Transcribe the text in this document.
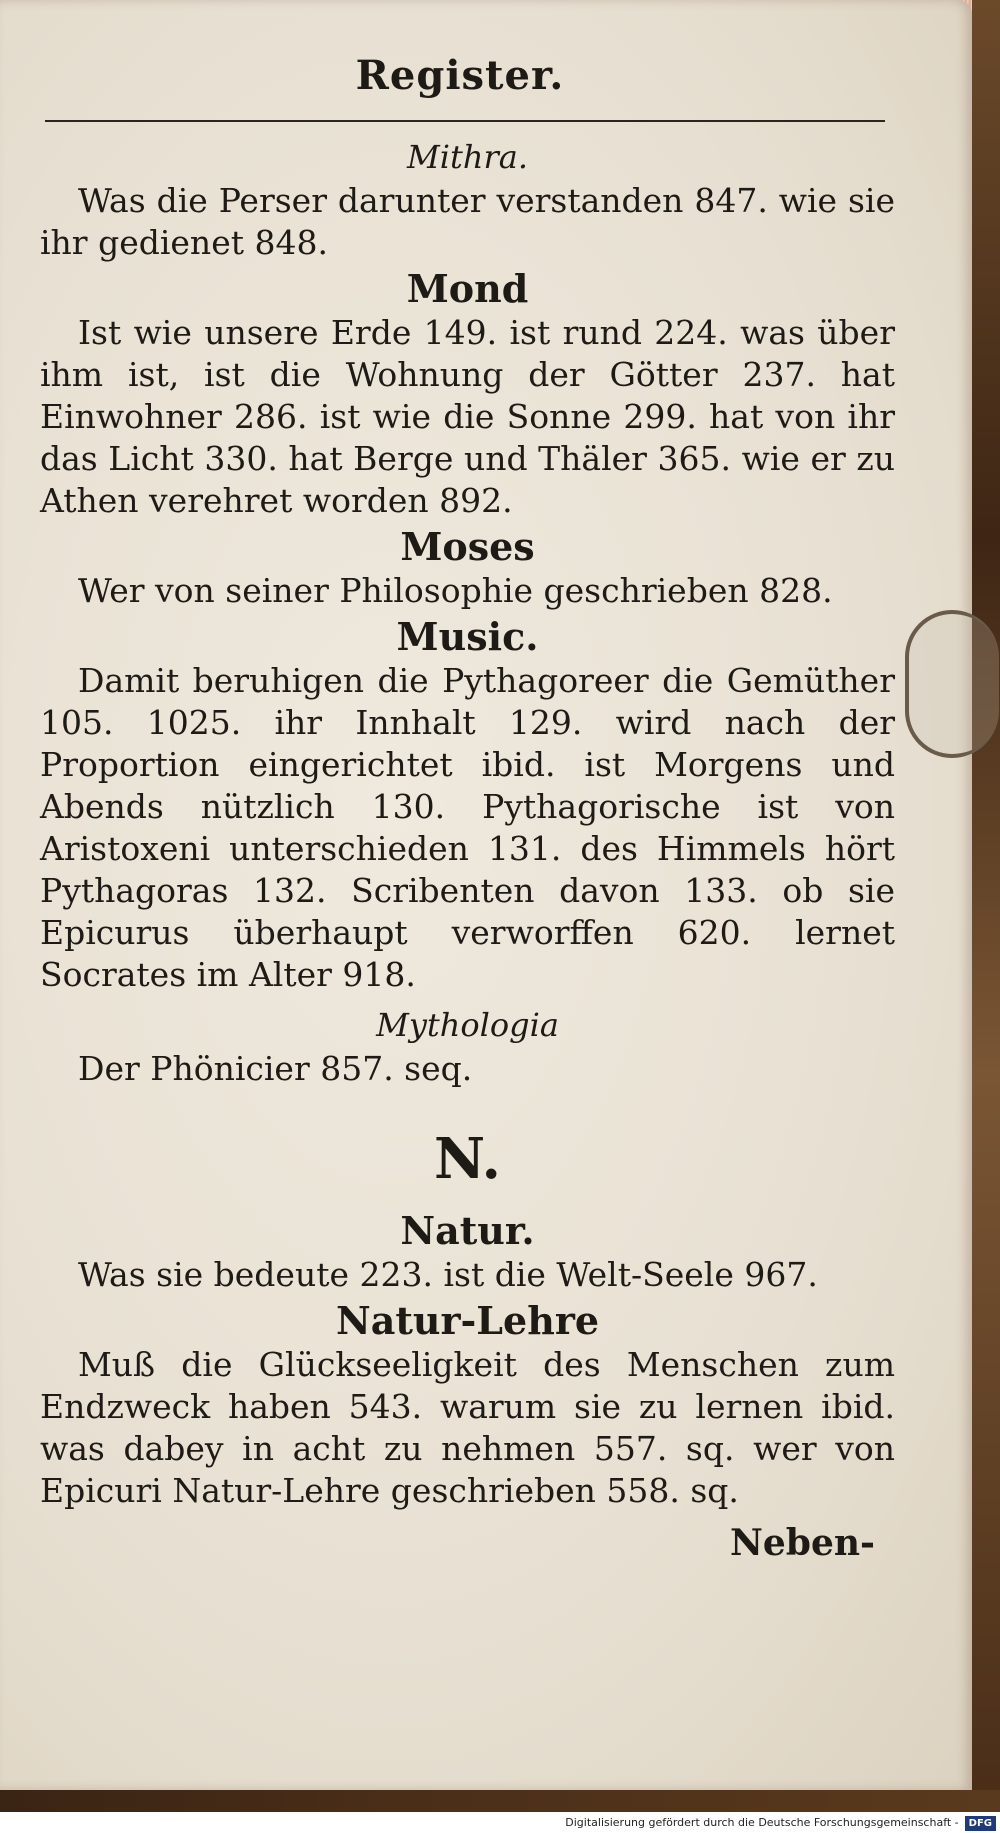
Register.
Mithra.
Was die Perser darunter verstanden 847. wie sie ihr gedienet 848.
Mond
Ist wie unsere Erde 149. ist rund 224. was über ihm ist, ist die Wohnung der Götter 237. hat Einwohner 286. ist wie die Sonne 299. hat von ihr das Licht 330. hat Berge und Thäler 365. wie er zu Athen verehret worden 892.
Moses
Wer von seiner Philosophie geschrieben 828.
Music.
Damit beruhigen die Pythagoreer die Gemüther 105. 1025. ihr Innhalt 129. wird nach der Proportion eingerichtet ibid. ist Morgens und Abends nützlich 130. Pythagorische ist von Aristoxeni unterschieden 131. des Himmels hört Pythagoras 132. Scribenten davon 133. ob sie Epicurus überhaupt verworffen 620. lernet Socrates im Alter 918.
Mythologia
Der Phönicier 857. seq.
N.
Natur.
Was sie bedeute 223. ist die Welt-Seele 967.
Natur-Lehre
Muß die Glückseeligkeit des Menschen zum Endzweck haben 543. warum sie zu lernen ibid. was dabey in acht zu nehmen 557. sq. wer von Epicuri Natur-Lehre geschrieben 558. sq.
Neben-
Digitalisierung gefördert durch die Deutsche Forschungsgemeinschaft - DFG
